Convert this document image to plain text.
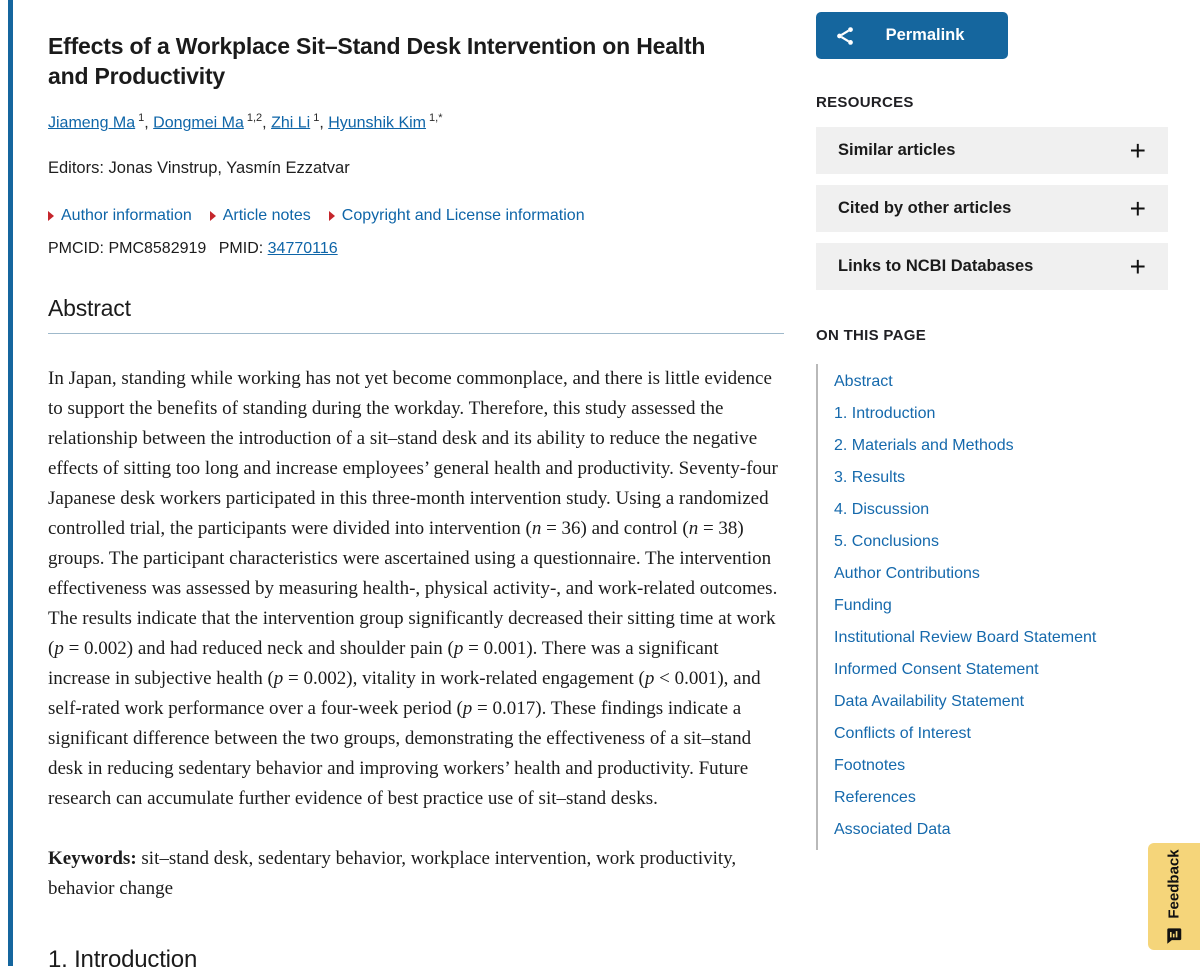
Effects of a Workplace Sit–Stand Desk Intervention on Health and Productivity
Jiameng Ma $^1$, Dongmei Ma $^{1,2}$, Zhi Li $^1$, Hyunshik Kim $^{1,*}$
Editors: Jonas Vinstrup, Yasmín Ezzatvar
Author information Article notes Copyright and License information
PMCID: PMC8582919 PMID: 34770116
Abstract

In Japan, standing while working has not yet become commonplace, and there is little evidence to support the benefits of standing during the workday. Therefore, this study assessed the relationship between the introduction of a sit–stand desk and its ability to reduce the negative effects of sitting too long and increase employees’ general health and productivity. Seventy-four Japanese desk workers participated in this three-month intervention study. Using a randomized controlled trial, the participants were divided into intervention (n = 36) and control (n = 38) groups. The participant characteristics were ascertained using a questionnaire. The intervention effectiveness was assessed by measuring health-, physical activity-, and work-related outcomes. The results indicate that the intervention group significantly decreased their sitting time at work (p = 0.002) and had reduced neck and shoulder pain (p = 0.001). There was a significant increase in subjective health (p = 0.002), vitality in work-related engagement (p < 0.001), and self-rated work performance over a four-week period (p = 0.017). These findings indicate a significant difference between the two groups, demonstrating the effectiveness of a sit–stand desk in reducing sedentary behavior and improving workers’ health and productivity. Future research can accumulate further evidence of best practice use of sit–stand desks.

Keywords: sit–stand desk, sedentary behavior, workplace intervention, work productivity, behavior change

1. Introduction
Permalink
RESOURCES
Similar articles	+
Cited by other articles	+
Links to NCBI Databases	+
ON THIS PAGE
Abstract
1. Introduction
2. Materials and Methods
3. Results
4. Discussion
5. Conclusions
Author Contributions
Funding
Institutional Review Board Statement
Informed Consent Statement
Data Availability Statement
Conflicts of Interest
Footnotes
References
Associated Data
Feedback
